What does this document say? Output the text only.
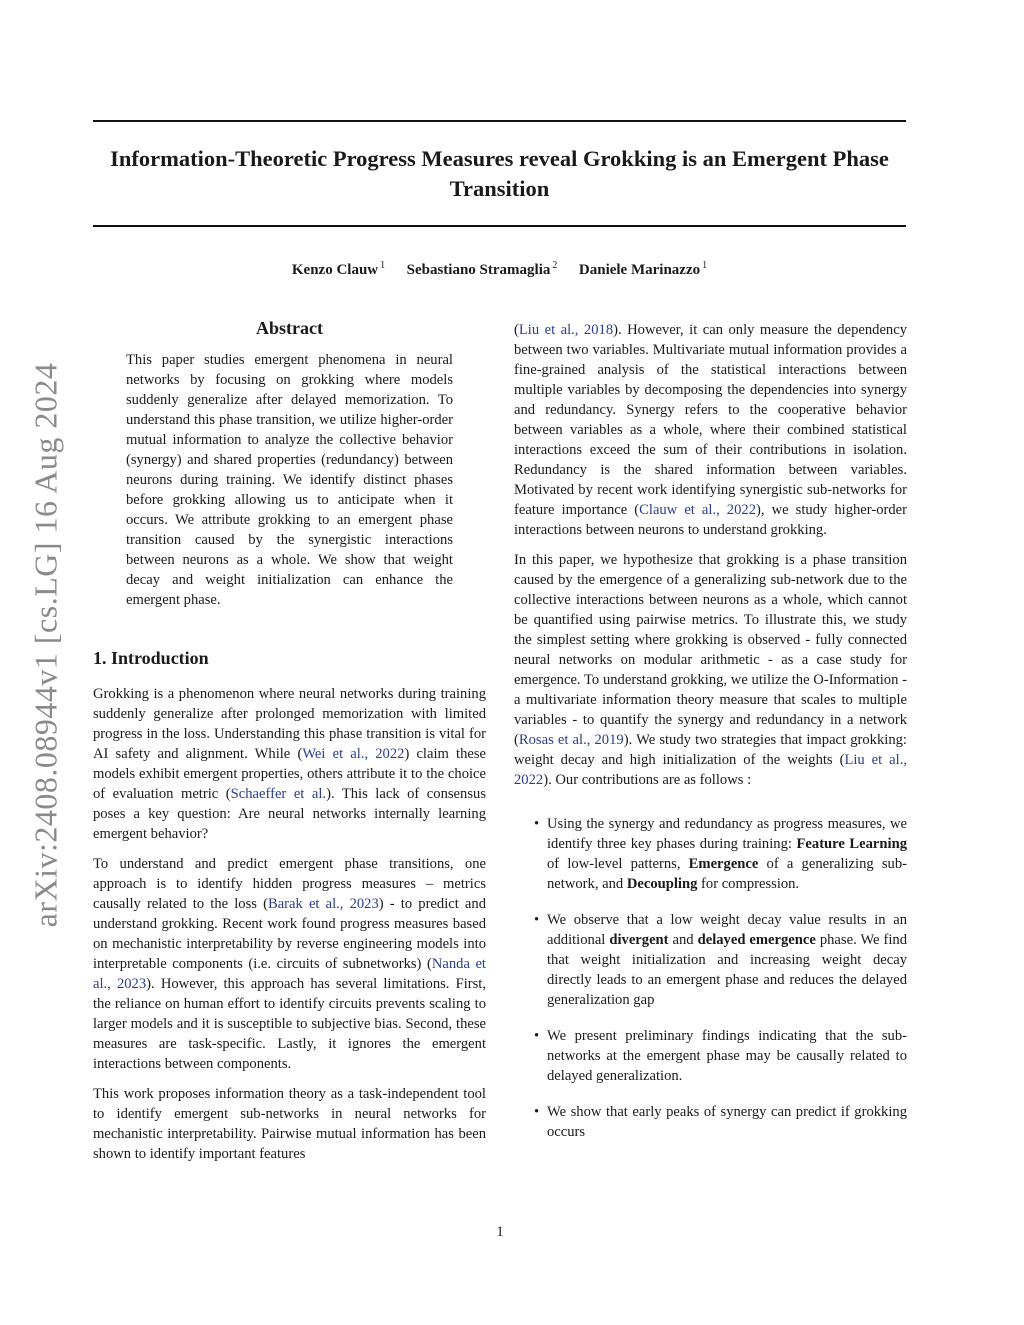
Information-Theoretic Progress Measures reveal Grokking is an Emergent Phase Transition
Kenzo Clauw $^1$ Sebastiano Stramaglia $^2$ Daniele Marinazzo $^1$
arXiv:2408.08944v1 [cs.LG] 16 Aug 2024
Abstract
This paper studies emergent phenomena in neural networks by focusing on grokking where models suddenly generalize after delayed memorization. To understand this phase transition, we utilize higher-order mutual information to analyze the collective behavior (synergy) and shared properties (redundancy) between neurons during training. We identify distinct phases before grokking allowing us to anticipate when it occurs. We attribute grokking to an emergent phase transition caused by the synergistic interactions between neurons as a whole. We show that weight decay and weight initialization can enhance the emergent phase.
1. Introduction

Grokking is a phenomenon where neural networks during training suddenly generalize after prolonged memorization with limited progress in the loss. Understanding this phase transition is vital for AI safety and alignment. While (Wei et al., 2022) claim these models exhibit emergent properties, others attribute it to the choice of evaluation metric (Schaeffer et al.). This lack of consensus poses a key question: Are neural networks internally learning emergent behavior?

To understand and predict emergent phase transitions, one approach is to identify hidden progress measures – metrics causally related to the loss (Barak et al., 2023) - to predict and understand grokking. Recent work found progress measures based on mechanistic interpretability by reverse engineering models into interpretable components (i.e. circuits of subnetworks) (Nanda et al., 2023). However, this approach has several limitations. First, the reliance on human effort to identify circuits prevents scaling to larger models and it is susceptible to subjective bias. Second, these measures are task-specific. Lastly, it ignores the emergent interactions between components.

This work proposes information theory as a task-independent tool to identify emergent sub-networks in neural networks for mechanistic interpretability. Pairwise mutual information has been shown to identify important features

(Liu et al., 2018). However, it can only measure the dependency between two variables. Multivariate mutual information provides a fine-grained analysis of the statistical interactions between multiple variables by decomposing the dependencies into synergy and redundancy. Synergy refers to the cooperative behavior between variables as a whole, where their combined statistical interactions exceed the sum of their contributions in isolation. Redundancy is the shared information between variables. Motivated by recent work identifying synergistic sub-networks for feature importance (Clauw et al., 2022), we study higher-order interactions between neurons to understand grokking.

In this paper, we hypothesize that grokking is a phase transition caused by the emergence of a generalizing sub-network due to the collective interactions between neurons as a whole, which cannot be quantified using pairwise metrics. To illustrate this, we study the simplest setting where grokking is observed - fully connected neural networks on modular arithmetic - as a case study for emergence. To understand grokking, we utilize the O-Information - a multivariate information theory measure that scales to multiple variables - to quantify the synergy and redundancy in a network (Rosas et al., 2019). We study two strategies that impact grokking: weight decay and high initialization of the weights (Liu et al., 2022). Our contributions are as follows :

• Using the synergy and redundancy as progress measures, we identify three key phases during training: Feature Learning of low-level patterns, Emergence of a generalizing sub-network, and Decoupling for compression.
• We observe that a low weight decay value results in an additional divergent and delayed emergence phase. We find that weight initialization and increasing weight decay directly leads to an emergent phase and reduces the delayed generalization gap
• We present preliminary findings indicating that the sub-networks at the emergent phase may be causally related to delayed generalization.
• We show that early peaks of synergy can predict if grokking occurs
1
